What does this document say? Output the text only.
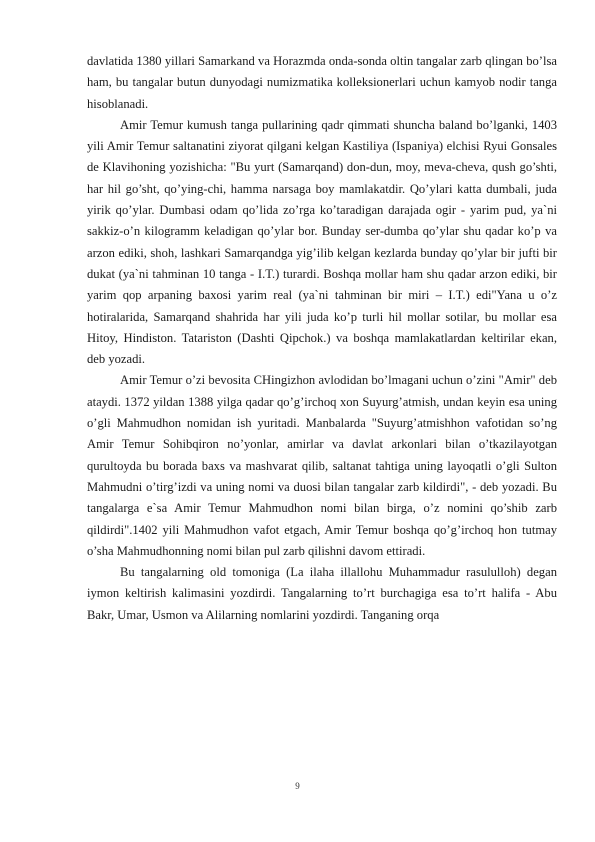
davlatida 1380 yillari Samarkand va Horazmda onda-sonda oltin tangalar zarb qlingan bo’lsa ham, bu tangalar butun dunyodagi numizmatika kolleksionerlari uchun kamyob nodir tanga hisoblanadi.

Amir Temur kumush tanga pullarining qadr qimmati shuncha baland bo’lganki, 1403 yili Amir Temur saltanatini ziyorat qilgani kelgan Kastiliya (Ispaniya) elchisi Ryui Gonsales de Klavihoning yozishicha: "Bu yurt (Samarqand) don-dun, moy, meva-cheva, qush go’shti, har hil go’sht, qo’ying-chi, hamma narsaga boy mamlakatdir. Qo’ylari katta dumbali, juda yirik qo’ylar. Dumbasi odam qo’lida zo’rga ko’taradigan darajada ogir - yarim pud, ya`ni sakkiz-o’n kilogramm keladigan qo’ylar bor. Bunday ser-dumba qo’ylar shu qadar ko’p va arzon ediki, shoh, lashkari Samarqandga yig’ilib kelgan kezlarda bunday qo’ylar bir jufti bir dukat (ya`ni tahminan 10 tanga - I.T.) turardi. Boshqa mollar ham shu qadar arzon ediki, bir yarim qop arpaning baxosi yarim real (ya`ni tahminan bir miri – I.T.) edi"Yana u o’z hotiralarida, Samarqand shahrida har yili juda ko’p turli hil mollar sotilar, bu mollar esa Hitoy, Hindiston. Tatariston (Dashti Qipchok.) va boshqa mamlakatlardan keltirilar ekan, deb yozadi.

Amir Temur o’zi bevosita CHingizhon avlodidan bo’lmagani uchun o’zini "Amir" deb ataydi. 1372 yildan 1388 yilga qadar qo’g’irchoq xon Suyurg’atmish, undan keyin esa uning o’gli Mahmudhon nomidan ish yuritadi. Manbalarda "Suyurg’atmishhon vafotidan so’ng Amir Temur Sohibqiron no’yonlar, amirlar va davlat arkonlari bilan o’tkazilayotgan qurultoyda bu borada baxs va mashvarat qilib, saltanat tahtiga uning layoqatli o’gli Sulton Mahmudni o’tirg’izdi va uning nomi va duosi bilan tangalar zarb kildirdi", - deb yozadi. Bu tangalarga e`sa Amir Temur Mahmudhon nomi bilan birga, o’z nomini qo’shib zarb qildirdi".1402 yili Mahmudhon vafot etgach, Amir Temur boshqa qo’g’irchoq hon tutmay o’sha Mahmudhonning nomi bilan pul zarb qilishni davom ettiradi.

Bu tangalarning old tomoniga (La ilaha illallohu Muhammadur rasululloh) degan iymon keltirish kalimasini yozdirdi. Tangalarning to’rt burchagiga esa to’rt halifa - Abu Bakr, Umar, Usmon va Alilarning nomlarini yozdirdi. Tanganing orqa

9
